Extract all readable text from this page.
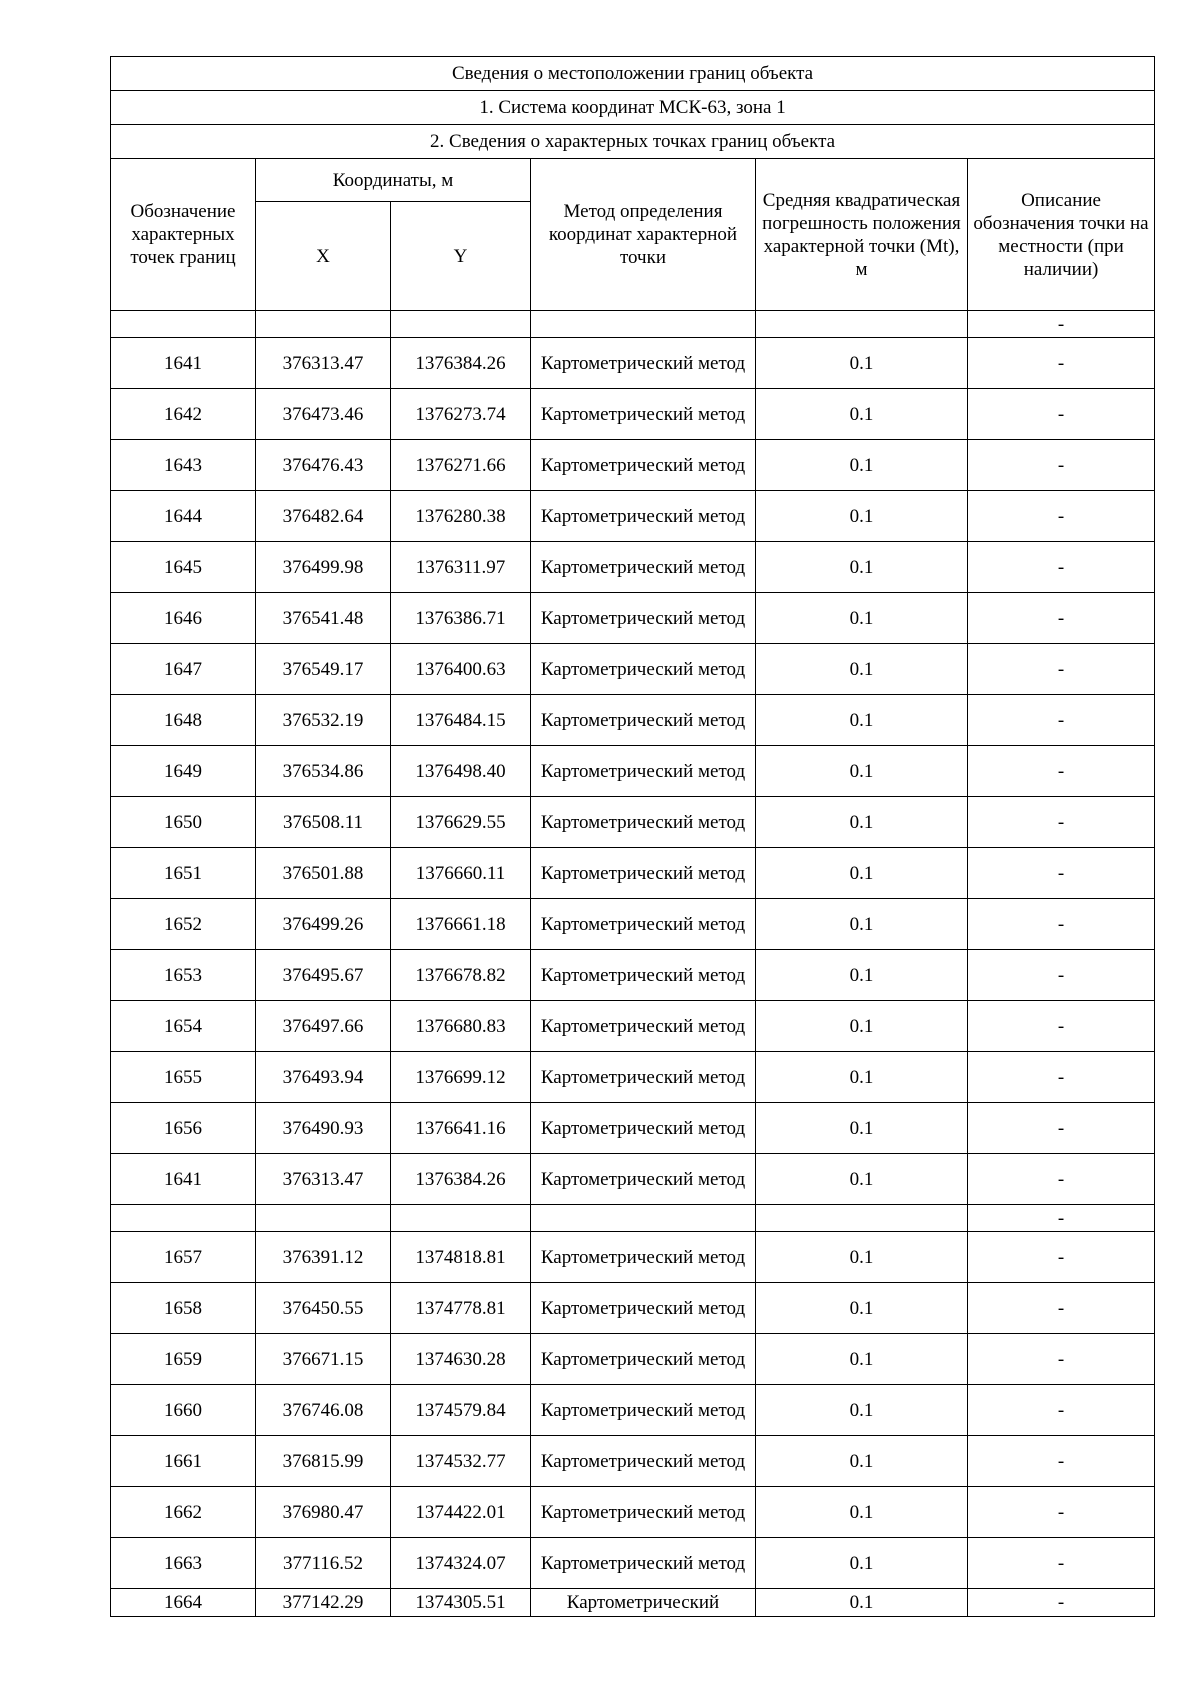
Сведения о местоположении границ объекта					
1. Система координат МСК-63, зона 1					
2. Сведения о характерных точках границ объекта					
Обозначение характерных точек границ	Координаты, м		Метод определения координат характерной точки	Средняя квадратическая погрешность положения характерной точки (Mt), м	Описание обозначения точки на местности (при наличии)
	X	Y			
					-
1641	376313.47	1376384.26	Картометрический метод	0.1	-
1642	376473.46	1376273.74	Картометрический метод	0.1	-
1643	376476.43	1376271.66	Картометрический метод	0.1	-
1644	376482.64	1376280.38	Картометрический метод	0.1	-
1645	376499.98	1376311.97	Картометрический метод	0.1	-
1646	376541.48	1376386.71	Картометрический метод	0.1	-
1647	376549.17	1376400.63	Картометрический метод	0.1	-
1648	376532.19	1376484.15	Картометрический метод	0.1	-
1649	376534.86	1376498.40	Картометрический метод	0.1	-
1650	376508.11	1376629.55	Картометрический метод	0.1	-
1651	376501.88	1376660.11	Картометрический метод	0.1	-
1652	376499.26	1376661.18	Картометрический метод	0.1	-
1653	376495.67	1376678.82	Картометрический метод	0.1	-
1654	376497.66	1376680.83	Картометрический метод	0.1	-
1655	376493.94	1376699.12	Картометрический метод	0.1	-
1656	376490.93	1376641.16	Картометрический метод	0.1	-
1641	376313.47	1376384.26	Картометрический метод	0.1	-
					-
1657	376391.12	1374818.81	Картометрический метод	0.1	-
1658	376450.55	1374778.81	Картометрический метод	0.1	-
1659	376671.15	1374630.28	Картометрический метод	0.1	-
1660	376746.08	1374579.84	Картометрический метод	0.1	-
1661	376815.99	1374532.77	Картометрический метод	0.1	-
1662	376980.47	1374422.01	Картометрический метод	0.1	-
1663	377116.52	1374324.07	Картометрический метод	0.1	-
1664	377142.29	1374305.51	Картометрический	0.1	-
